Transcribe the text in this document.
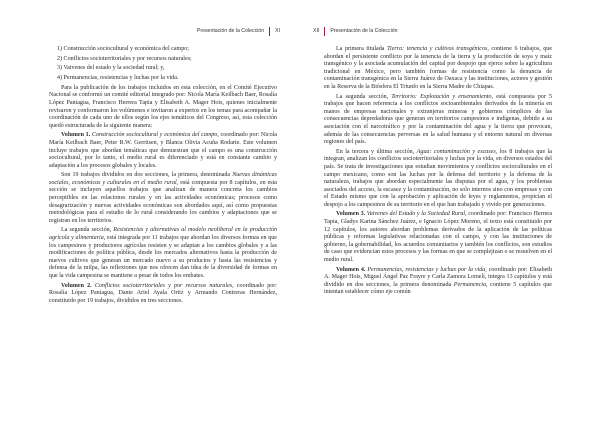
Presentación de la Colección XI

1) Construcción sociocultural y económica del campo;

2) Conflictos socioterritoriales y por recursos naturales;

3) Vaivenes del estado y la sociedad rural; y,

4) Permanencias, resistencias y luchas por la vida.

Para la publicación de los trabajos incluidos en esta colección, en el Comité Ejecutivo Nacional se conformó un comité editorial integrado por: Nicola María Keilbach Baer, Rosalía López Paniagua, Francisco Herrera Tapia y Elisabeth A. Mager Hois, quienes inicialmente revisaron y conformaron los volúmenes e invitaron a expertos en los temas para acompañar la coordinación de cada uno de ellos según los ejes temáticos del Congreso, así, esta colección quedó estructurada de la siguiente manera:

Volumen 1. Construcción sociocultural y económica del campo, coordinado por: Nicola María Keilbach Baer, Peter R.W. Gerritsen, y Blanca Olivia Acuña Rodarte. Este volumen incluye trabajos que abordan temáticas que demuestran que el campo es una construcción sociocultural, por lo tanto, el medio rural es diferenciado y está en constante cambio y adaptación a los procesos globales y locales.

Son 19 trabajos divididos en dos secciones, la primera, denominada Nuevas dinámicas sociales, económicas y culturales en el medio rural, está compuesta por 8 capítulos, en esta sección se incluyen aquellos trabajos que analizan de manera concreta los cambios perceptibles en las relaciones rurales y en las actividades económicas; procesos como desagrarización y nuevas actividades económicas son abordados aquí, así como propuestas metodológicas para el estudio de lo rural considerando los cambios y adaptaciones que se registran en los territorios.

La segunda sección, Resistencias y alternativas al modelo neoliberal en la producción agrícola y alimentaria, está integrada por 11 trabajos que abordan los diversos formas en que los campesinos y productores agrícolas resisten y se adaptan a los cambios globales y a las modificaciones de política pública, desde los mercados alternativos hasta la producción de nuevos cultivos que generan un mercado nuevo a su productos y hasta las resistencias y defensa de la milpa, las reflexiones que nos ofrecen dan idea de la diversidad de formas en que la vida campesina se mantiene a pesar de todos los embates.

Volumen 2. Conflictos socioterritoriales y por recursos naturales, coordinado por: Rosalía López Paniagua, Dante Ariel Ayala Ortiz y Armando Contreras Hernández, constituido por 19 trabajos, divididos en tres secciones.

XII Presentación de la Colección

La primera titulada Tierra: tenencia y cultivos transgénicos, contiene 6 trabajos, que abordan el persistente conflicto por la tenencia de la tierra y la producción de soya y maíz transgénico y la asociada acumulación del capital por despojo que ejerce sobre la agricultura tradicional en México, pero también formas de resistencia como la denuncia de contaminación transgénica en la Sierra Juárez de Oaxaca y las instituciones, actores y gestión en la Reserva de la Biósfera El Triunfo en la Sierra Madre de Chiapas.

La segunda sección, Territorio: Explotación y ensenamiento, está compuesta por 5 trabajos que hacen referencia a los conflictos socioambientales derivados de la minería en manos de empresas nacionales y extranjeras mineras y gobiernos cómplices de las consecuencias depredadoras que generan en territorios campesinos e indígenas, debido a su asociación con el narcotráfico y por la contaminación del agua y la tierra que provocan, además de las consecuencias perversas en la salud humana y el entorno natural en diversas regiones del país.

En la tercera y última sección, Agua: contaminación y escases, los 8 trabajos que la integran, analizan los conflictos socioterritoriales y luchas por la vida, en diversos estados del país. Se trata de investigaciones que estudian movimientos y conflictos socioculturales en el campo mexicano, como son las luchas por la defensa del territorio y la defensa de la naturaleza, trabajos que abordan especialmente las disputas por el agua, y los problemas asociados del acceso, la escasez y la contaminación, no solo internos sino con empresas y con el Estado mismo que con la aprobación y aplicación de leyes y reglamentos, propician el despojo a los campesinos de su territorio en el que han trabajado y vivido por generaciones.

Volumen 3. Vaivenes del Estado y la Sociedad Rural, coordinado por: Francisco Herrera Tapia, Gladys Karina Sánchez Juárez, e Ignacio López Moreno, el texto está constituido por 12 capítulos, los autores abordan problemas derivados de la aplicación de las políticas públicas y reformas legislativas relacionadas con el campo, y con las instituciones de gobierno, la gobernabilidad, los acuerdos comunitarios y también los conflictos, son estudios de caso que evidencian estos procesos y las formas en que se complejizan o se resuelven en el medio rural.

Volumen 4. Permanencias, resistencias y luchas por la vida, coordinado por: Elisabeth A. Mager Hois, Miguel Ángel Paz Frayre y Carla Zamora Lomelí, integra 13 capítulos y está dividido en dos secciones, la primera denominada Permanencia, contiene 5 capítulos que intentan establecer cómo eje común
